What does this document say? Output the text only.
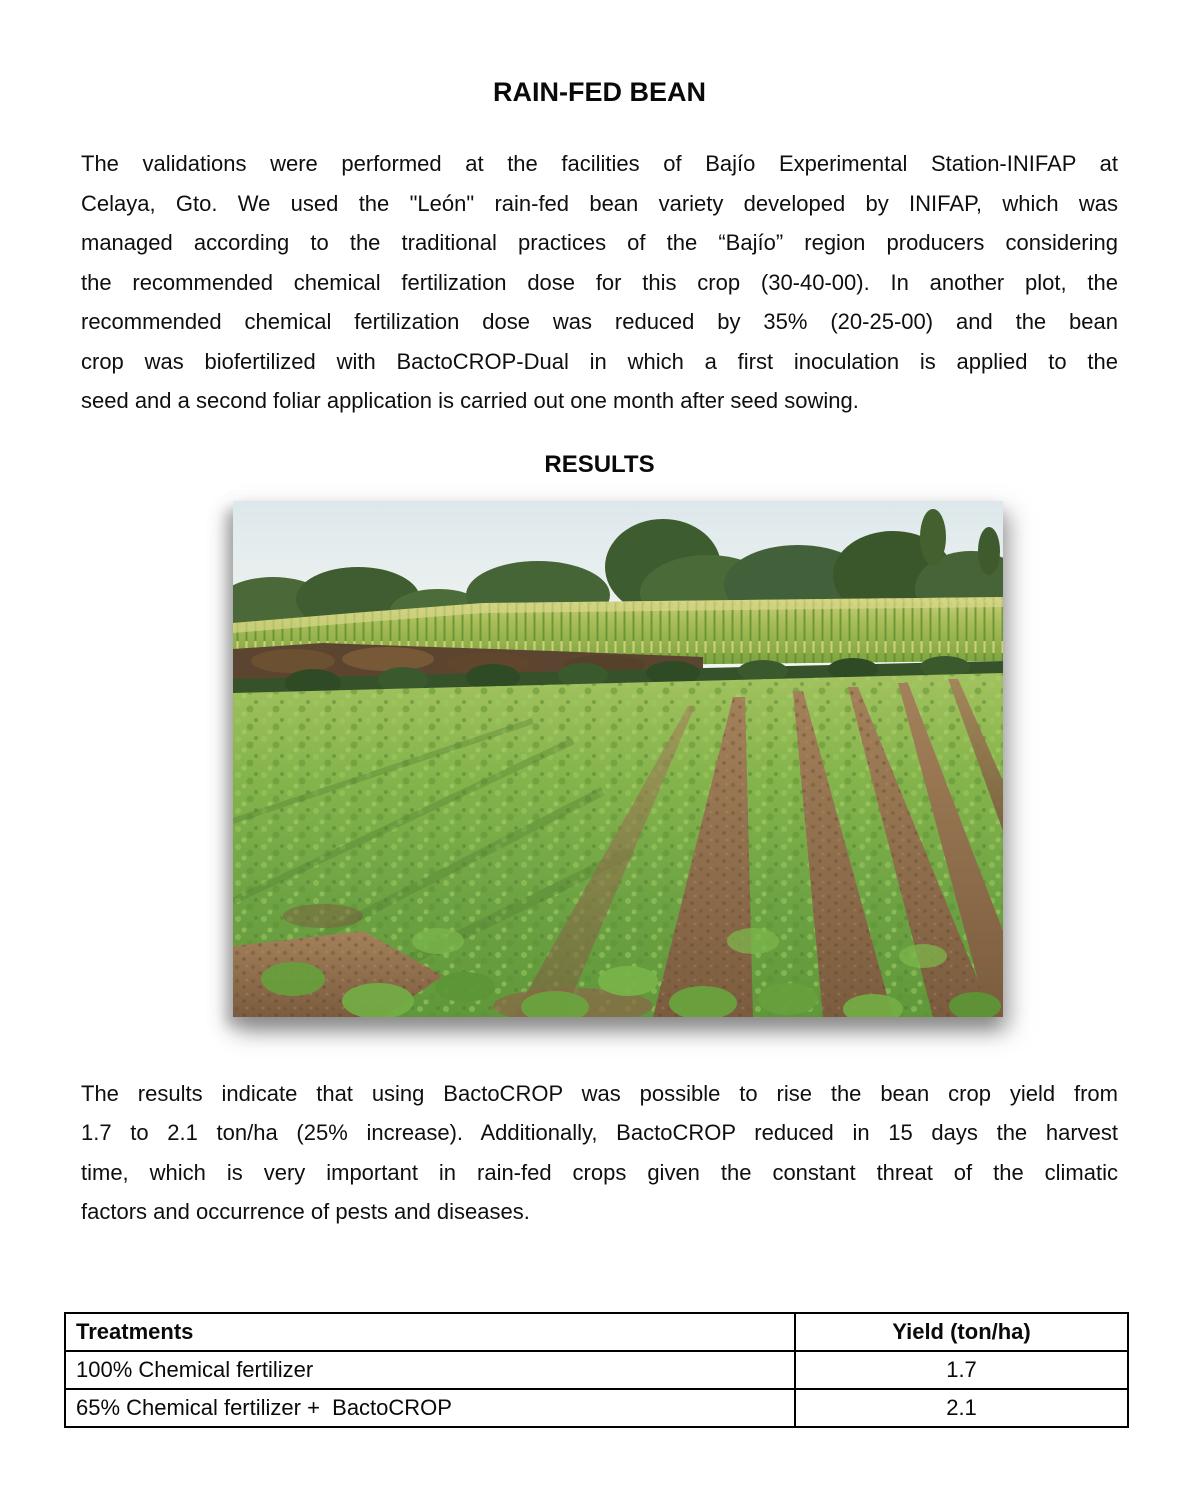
RAIN-FED BEAN

The validations were performed at the facilities of Bajío Experimental Station-INIFAP at
Celaya, Gto. We used the "León" rain-fed bean variety developed by INIFAP, which was
managed according to the traditional practices of the “Bajío” region producers considering
the recommended chemical fertilization dose for this crop (30-40-00). In another plot, the
recommended chemical fertilization dose was reduced by 35% (20-25-00) and the bean
crop was biofertilized with BactoCROP-Dual in which a first inoculation is applied to the
seed and a second foliar application is carried out one month after seed sowing.

RESULTS

The results indicate that using BactoCROP was possible to rise the bean crop yield from
1.7 to 2.1 ton/ha (25% increase). Additionally, BactoCROP reduced in 15 days the harvest
time, which is very important in rain-fed crops given the constant threat of the climatic
factors and occurrence of pests and diseases.

Treatments	Yield (ton/ha)
100% Chemical fertilizer	1.7
65% Chemical fertilizer +  BactoCROP	2.1
